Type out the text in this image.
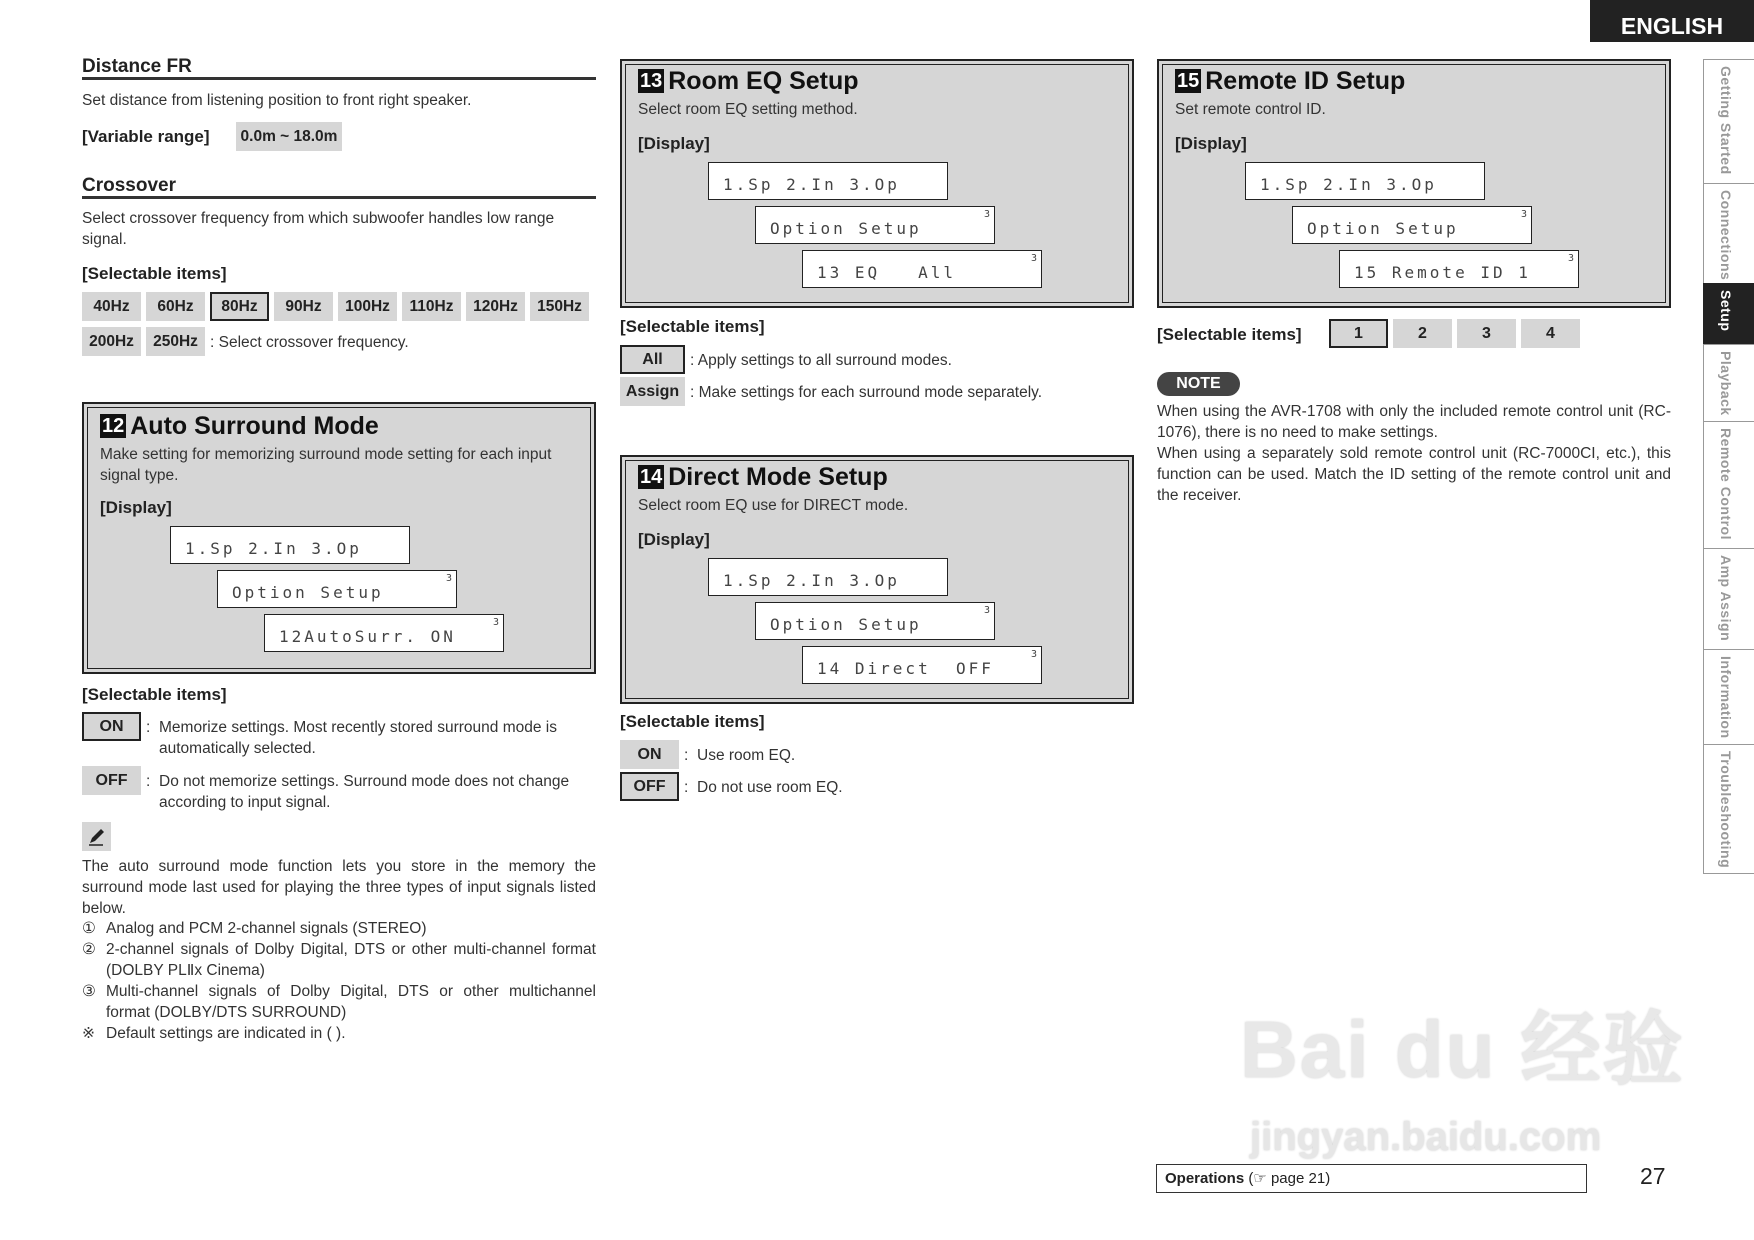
ENGLISH
Getting Started
Connections
Setup
Playback
Remote Control
Amp Assign
Information
Troubleshooting
Distance FR
Set distance from listening position to front right speaker.
[Variable range] 0.0m ~ 18.0m
Crossover
Select crossover frequency from which subwoofer handles low range signal.
[Selectable items]
40Hz	60Hz	80Hz	90Hz	100Hz	110Hz	120Hz	150Hz
200Hz	250Hz : Select crossover frequency.
12 Auto Surround Mode
Make setting for memorizing surround mode setting for each input signal type.
[Display]
1.Sp 2.In 3.Op
Option Setup
3
12AutoSurr. ON
3
[Selectable items]
ON	: Memorize settings. Most recently stored surround mode is automatically selected.
OFF	: Do not memorize settings. Surround mode does not change according to input signal.
The auto surround mode function lets you store in the memory the surround mode last used for playing the three types of input signals listed below.
① Analog and PCM 2-channel signals (STEREO)
② 2-channel signals of Dolby Digital, DTS or other multi-channel format (DOLBY PLⅡx Cinema)
③ Multi-channel signals of Dolby Digital, DTS or other multichannel format (DOLBY/DTS SURROUND)
※ Default settings are indicated in ( ).
13 Room EQ Setup
Select room EQ setting method.
[Display]
1.Sp 2.In 3.Op
Option Setup
3
13 EQ   All
3
[Selectable items]
All	: Apply settings to all surround modes.
Assign : Make settings for each surround mode separately.
14 Direct Mode Setup
Select room EQ use for DIRECT mode.
[Display]
1.Sp 2.In 3.Op
Option Setup
3
14 Direct  OFF
3
[Selectable items]
ON	: Use room EQ.
OFF	: Do not use room EQ.
15 Remote ID Setup
Set remote control ID.
[Display]
1.Sp 2.In 3.Op
Option Setup
3
15 Remote ID 1
3
[Selectable items]	1	2	3	4
NOTE
When using the AVR-1708 with only the included remote control unit (RC-1076), there is no need to make settings.
When using a separately sold remote control unit (RC-7000CI, etc.), this function can be used. Match the ID setting of the remote control unit and the receiver.
Bai du 经验
jingyan.baidu.com
Operations (☞ page 21)	27
